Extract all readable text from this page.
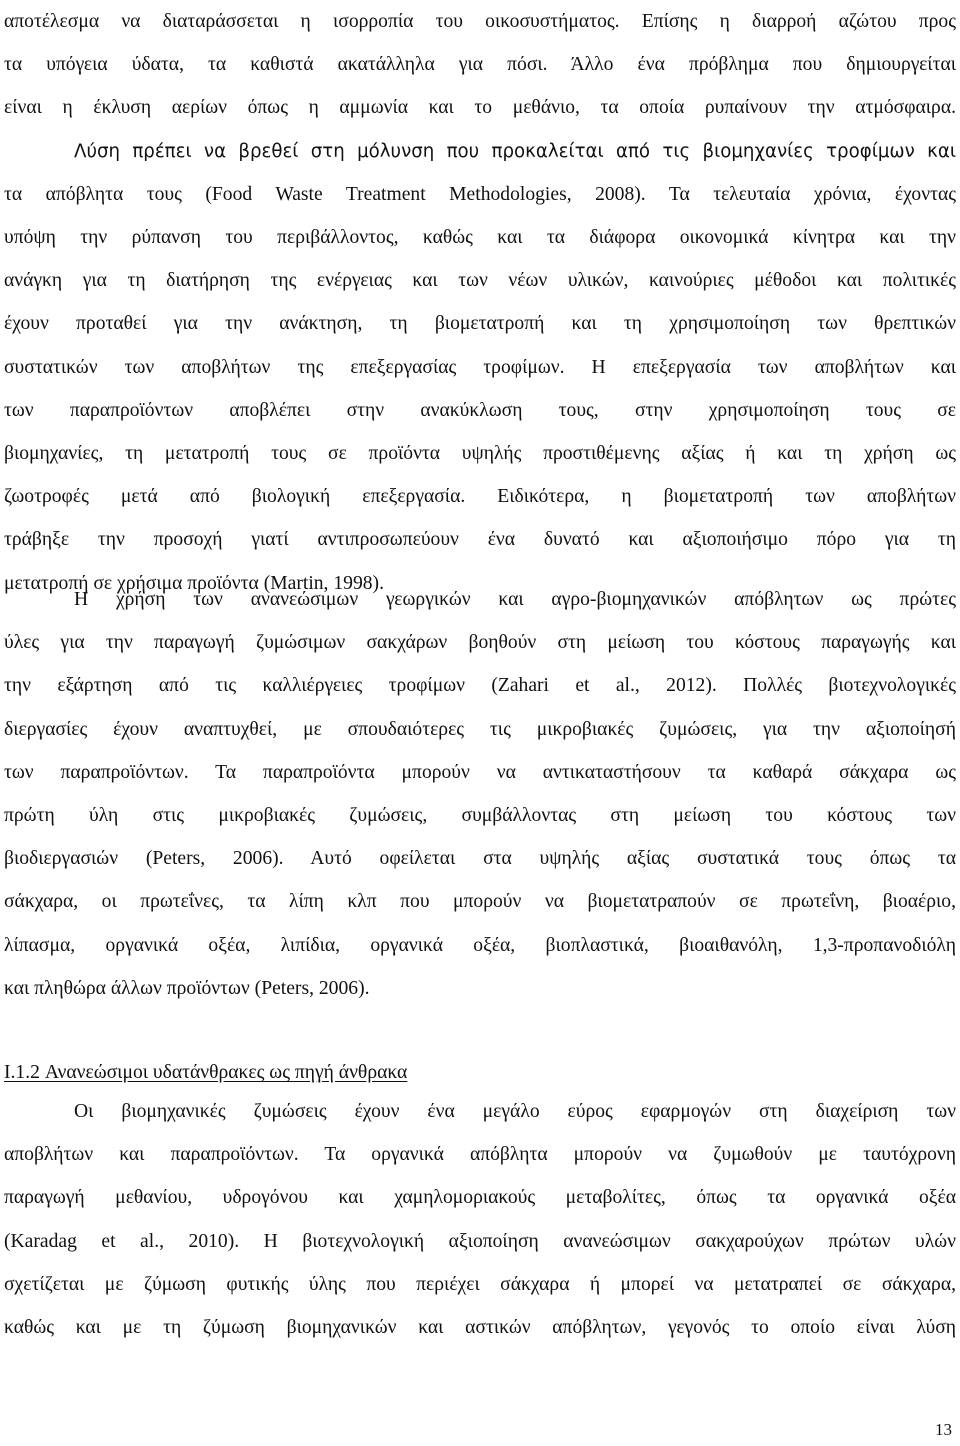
αποτέλεσμα να διαταράσσεται η ισορροπία του οικοσυστήματος. Επίσης η διαρροή αζώτου προς
τα υπόγεια ύδατα, τα καθιστά ακατάλληλα για πόσι. Άλλο ένα πρόβλημα που δημιουργείται
είναι η έκλυση αερίων όπως η αμμωνία και το μεθάνιο, τα οποία ρυπαίνουν την ατμόσφαιρα.
Λύση πρέπει να βρεθεί στη μόλυνση που προκαλείται από τις βιομηχανίες τροφίμων και
τα απόβλητα τους (Food Waste Treatment Methodologies, 2008). Τα τελευταία χρόνια, έχοντας
υπόψη την ρύπανση του περιβάλλοντος, καθώς και τα διάφορα οικονομικά κίνητρα και την
ανάγκη για τη διατήρηση της ενέργειας και των νέων υλικών, καινούριες μέθοδοι και πολιτικές
έχουν προταθεί για την ανάκτηση, τη βιομετατροπή και τη χρησιμοποίηση των θρεπτικών
συστατικών των αποβλήτων της επεξεργασίας τροφίμων. Η επεξεργασία των αποβλήτων και
των παραπροϊόντων αποβλέπει στην ανακύκλωση τους, στην χρησιμοποίηση τους σε
βιομηχανίες, τη μετατροπή τους σε προϊόντα υψηλής προστιθέμενης αξίας ή και τη χρήση ως
ζωοτροφές μετά από βιολογική επεξεργασία. Ειδικότερα, η βιομετατροπή των αποβλήτων
τράβηξε την προσοχή γιατί αντιπροσωπεύουν ένα δυνατό και αξιοποιήσιμο πόρο για τη
μετατροπή σε χρήσιμα προϊόντα (Martin, 1998).

Η χρήση των ανανεώσιμων γεωργικών και αγρο-βιομηχανικών απόβλητων ως πρώτες
ύλες για την παραγωγή ζυμώσιμων σακχάρων βοηθούν στη μείωση του κόστους παραγωγής και
την εξάρτηση από τις καλλιέργειες τροφίμων (Zahari et al., 2012). Πολλές βιοτεχνολογικές
διεργασίες έχουν αναπτυχθεί, με σπουδαιότερες τις μικροβιακές ζυμώσεις, για την αξιοποίησή
των παραπροϊόντων. Τα παραπροϊόντα μπορούν να αντικαταστήσουν τα καθαρά σάκχαρα ως
πρώτη ύλη στις μικροβιακές ζυμώσεις, συμβάλλοντας στη μείωση του κόστους των
βιοδιεργασιών (Peters, 2006). Αυτό οφείλεται στα υψηλής αξίας συστατικά τους όπως τα
σάκχαρα, οι πρωτεΐνες, τα λίπη κλπ που μπορούν να βιομετατραπούν σε πρωτεΐνη, βιοαέριο,
λίπασμα, οργανικά οξέα, λιπίδια, οργανικά οξέα, βιοπλαστικά, βιοαιθανόλη, 1,3-προπανοδιόλη
και πληθώρα άλλων προϊόντων (Peters, 2006).

I.1.2 Ανανεώσιμοι υδατάνθρακες ως πηγή άνθρακα

Οι βιομηχανικές ζυμώσεις έχουν ένα μεγάλο εύρος εφαρμογών στη διαχείριση των
αποβλήτων και παραπροϊόντων. Τα οργανικά απόβλητα μπορούν να ζυμωθούν με ταυτόχρονη
παραγωγή μεθανίου, υδρογόνου και χαμηλομοριακούς μεταβολίτες, όπως τα οργανικά οξέα
(Karadag et al., 2010). Η βιοτεχνολογική αξιοποίηση ανανεώσιμων σακχαρούχων πρώτων υλών
σχετίζεται με ζύμωση φυτικής ύλης που περιέχει σάκχαρα ή μπορεί να μετατραπεί σε σάκχαρα,
καθώς και με τη ζύμωση βιομηχανικών και αστικών απόβλητων, γεγονός το οποίο είναι λύση

13
